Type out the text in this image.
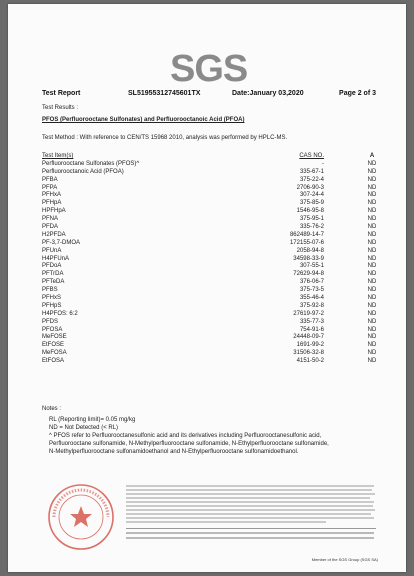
SGS
Test Report	SL51955312745601TX	Date:January 03,2020	Page 2 of 3
Test Results :
PFOS (Perfluorooctane Sulfonates) and Perfluorooctanoic Acid (PFOA)
Test Method : With reference to CEN/TS 15968 2010, analysis was performed by HPLC-MS.
Test Item(s)	CAS NO.	A
Perfluorooctane Sulfonates (PFOS)^	-	ND
Perfluorooctanoic Acid (PFOA)	335-67-1	ND
PFBA	375-22-4	ND
PFPA	2706-90-3	ND
PFHxA	307-24-4	ND
PFHpA	375-85-9	ND
HPFHpA	1546-95-8	ND
PFNA	375-95-1	ND
PFDA	335-76-2	ND
H2PFDA	862489-14-7	ND
PF-3,7-DMOA	172155-07-6	ND
PFUnA	2058-94-8	ND
H4PFUnA	34598-33-9	ND
PFDoA	307-55-1	ND
PFTrDA	72629-94-8	ND
PFTeDA	376-06-7	ND
PFBS	375-73-5	ND
PFHxS	355-46-4	ND
PFHpS	375-92-8	ND
H4PFOS: 6:2	27619-97-2	ND
PFDS	335-77-3	ND
PFOSA	754-91-6	ND
MeFOSE	24448-09-7	ND
EtFOSE	1691-99-2	ND
MeFOSA	31506-32-8	ND
EtFOSA	4151-50-2	ND
Notes :
RL (Reporting limit)= 0.05 mg/kg
ND = Not Detected (< RL)
^ PFOS refer to Perfluorooctanesulfonic acid and its derivatives including Perfluorooctanesulfonic acid,
Perfluorooctane sulfonamide, N-Methylperfluorooctane sulfonamide, N-Ethylperfluorooctane sulfonamide,
N-Methylperfluorooctane sulfonamidoethanol and N-Ethylperfluorooctane sulfonamidoethanol.
Member of the SGS Group (SGS SA)
